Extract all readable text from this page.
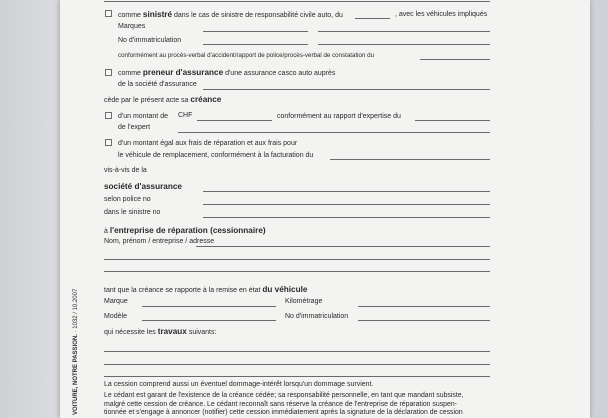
comme sinistré dans le cas de sinistre de responsabilité civile auto, du	, avec les véhicules impliqués
Marques
No d'immatriculation
conformément au procès-verbal d'accident/rapport de police/procès-verbal de constatation du
comme preneur d'assurance d'une assurance casco auto auprès
de la société d'assurance
cède par le présent acte sa créance
d'un montant de CHF	conformément au rapport d'expertise du
de l'expert
d'un montant égal aux frais de réparation et aux frais pour
le véhicule de remplacement, conformément à la facturation du
vis-à-vis de la
société d'assurance
selon police no
dans le sinistre no
à l'entreprise de réparation (cessionnaire)
Nom, prénom / entreprise / adresse
tant que la créance se rapporte à la remise en état du véhicule
Marque	Kilométrage
Modèle	No d'immatriculation
qui nécessite les travaux suivants:
La cession comprend aussi un éventuel dommage-intérêt lorsqu'un dommage survient.
Le cédant est garant de l'existence de la créance cédée; sa responsabilité personnelle, en tant que mandant subsiste,
malgré cette cession de créance. Le cédant reconnaît sans réserve la créance de l'entreprise de réparation suspen-
tionnée et s'engage à annoncer (notifier) cette cession immédiatement après la signature de la déclaration de cession
VOITURE, NOTRE PASSION. · 1032 / 10.2007
